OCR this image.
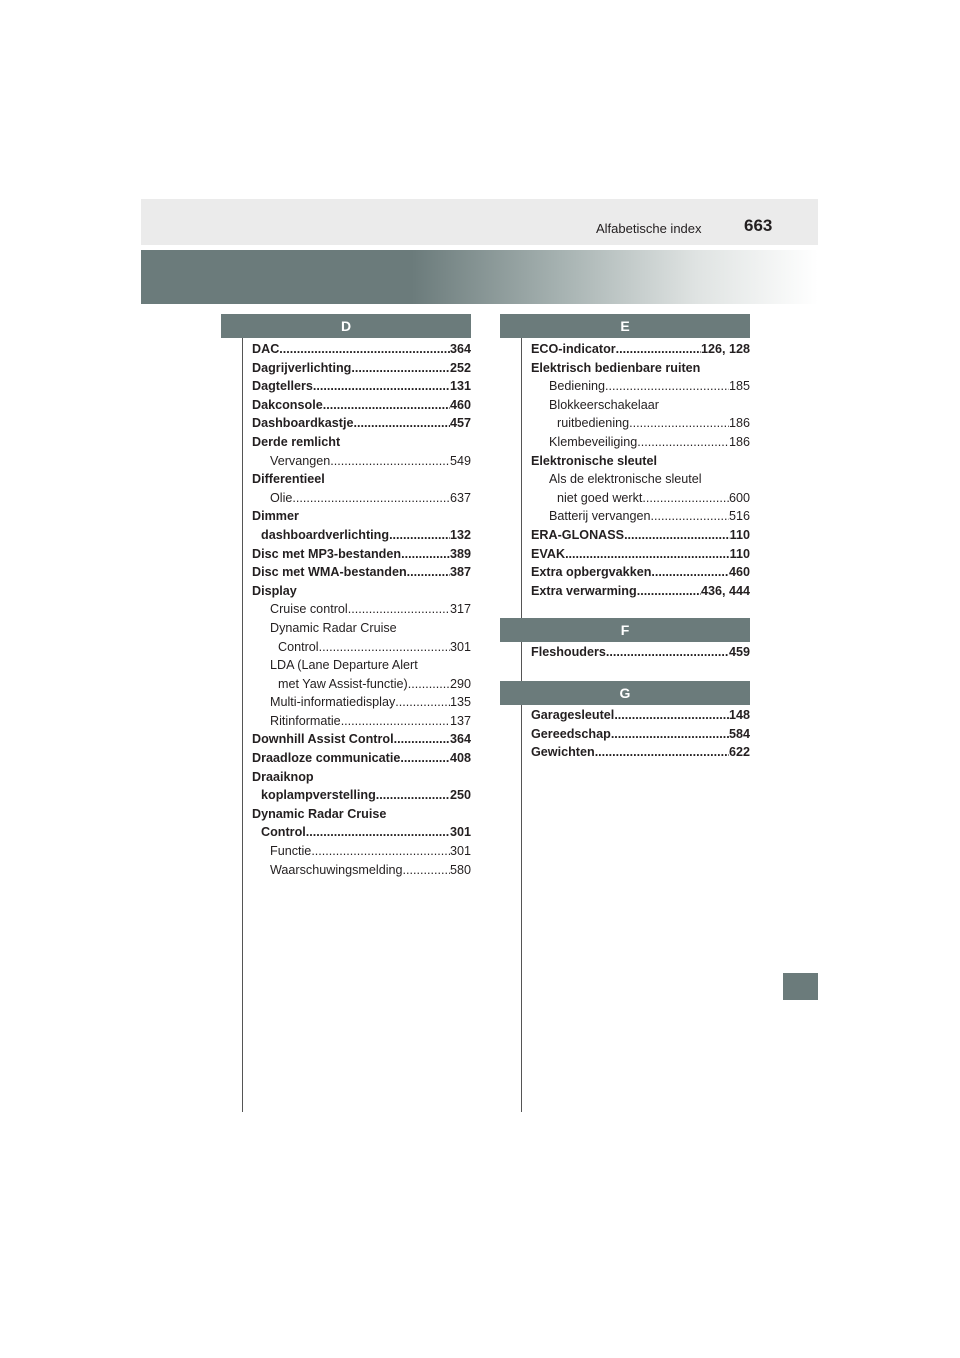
Alfabetische index 663
D	E
F
G
DAC .....	364
Dagrijverlichting .....	252
Dagtellers .....	131
Dakconsole .....	460
Dashboardkastje .....	457
Derde remlicht
Vervangen .....	549
Differentieel
Olie .....	637
Dimmer
dashboardverlichting .....	132
Disc met MP3-bestanden .....	389
Disc met WMA-bestanden .....	387
Display
Cruise control .....	317
Dynamic Radar Cruise
Control .....	301
LDA (Lane Departure Alert
met Yaw Assist-functie) .....	290
Multi-informatiedisplay .....	135
Ritinformatie .....	137
Downhill Assist Control .....	364
Draadloze communicatie .....	408
Draaiknop
koplampverstelling .....	250
Dynamic Radar Cruise
Control .....	301
Functie .....	301
Waarschuwingsmelding .....	580
ECO-indicator .....	126, 128
Elektrisch bedienbare ruiten
Bediening .....	185
Blokkeerschakelaar
ruitbediening .....	186
Klembeveiliging .....	186
Elektronische sleutel
Als de elektronische sleutel
niet goed werkt .....	600
Batterij vervangen .....	516
ERA-GLONASS .....	110
EVAK .....	110
Extra opbergvakken .....	460
Extra verwarming .....	436, 444
Fleshouders .....	459
Garagesleutel .....	148
Gereedschap .....	584
Gewichten .....	622
